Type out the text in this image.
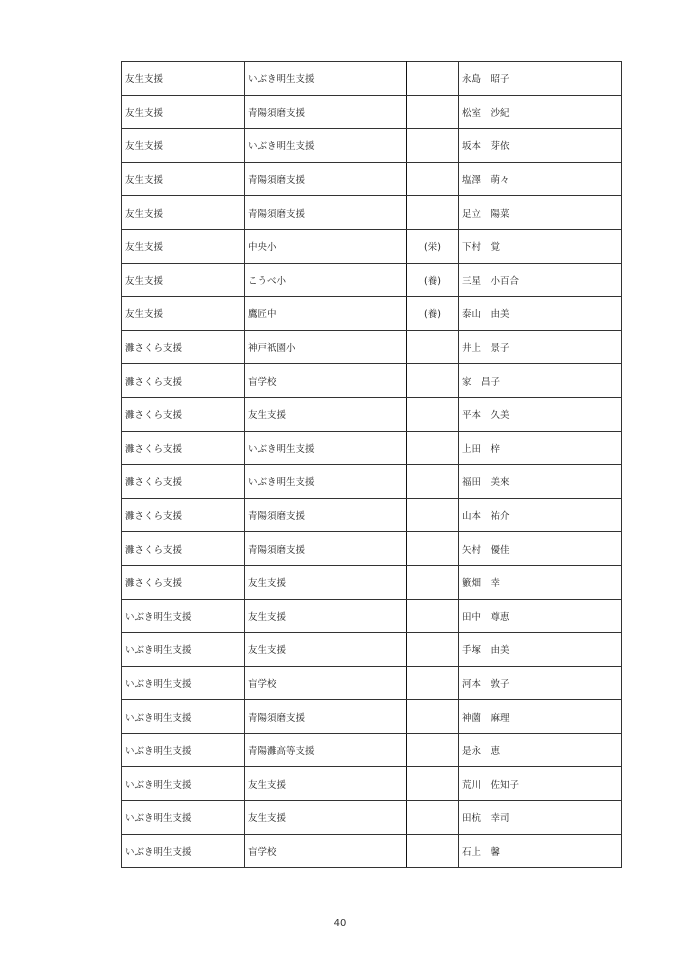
友生支援	いぶき明生支援		永島　昭子
友生支援	青陽須磨支援		松室　沙紀
友生支援	いぶき明生支援		坂本　芽依
友生支援	青陽須磨支援		塩澤　萌々
友生支援	青陽須磨支援		足立　陽菜
友生支援	中央小	(栄)	下村　覚
友生支援	こうべ小	(養)	三星　小百合
友生支援	鷹匠中	(養)	泰山　由美
灘さくら支援	神戸祇園小		井上　景子
灘さくら支援	盲学校		家　昌子
灘さくら支援	友生支援		平本　久美
灘さくら支援	いぶき明生支援		上田　梓
灘さくら支援	いぶき明生支援		福田　美來
灘さくら支援	青陽須磨支援		山本　祐介
灘さくら支援	青陽須磨支援		矢村　優佳
灘さくら支援	友生支援		籔畑　幸
いぶき明生支援	友生支援		田中　尊恵
いぶき明生支援	友生支援		手塚　由美
いぶき明生支援	盲学校		河本　敦子
いぶき明生支援	青陽須磨支援		神薗　麻理
いぶき明生支援	青陽灘高等支援		是永　恵
いぶき明生支援	友生支援		荒川　佐知子
いぶき明生支援	友生支援		田杭　幸司
いぶき明生支援	盲学校		石上　馨
40
